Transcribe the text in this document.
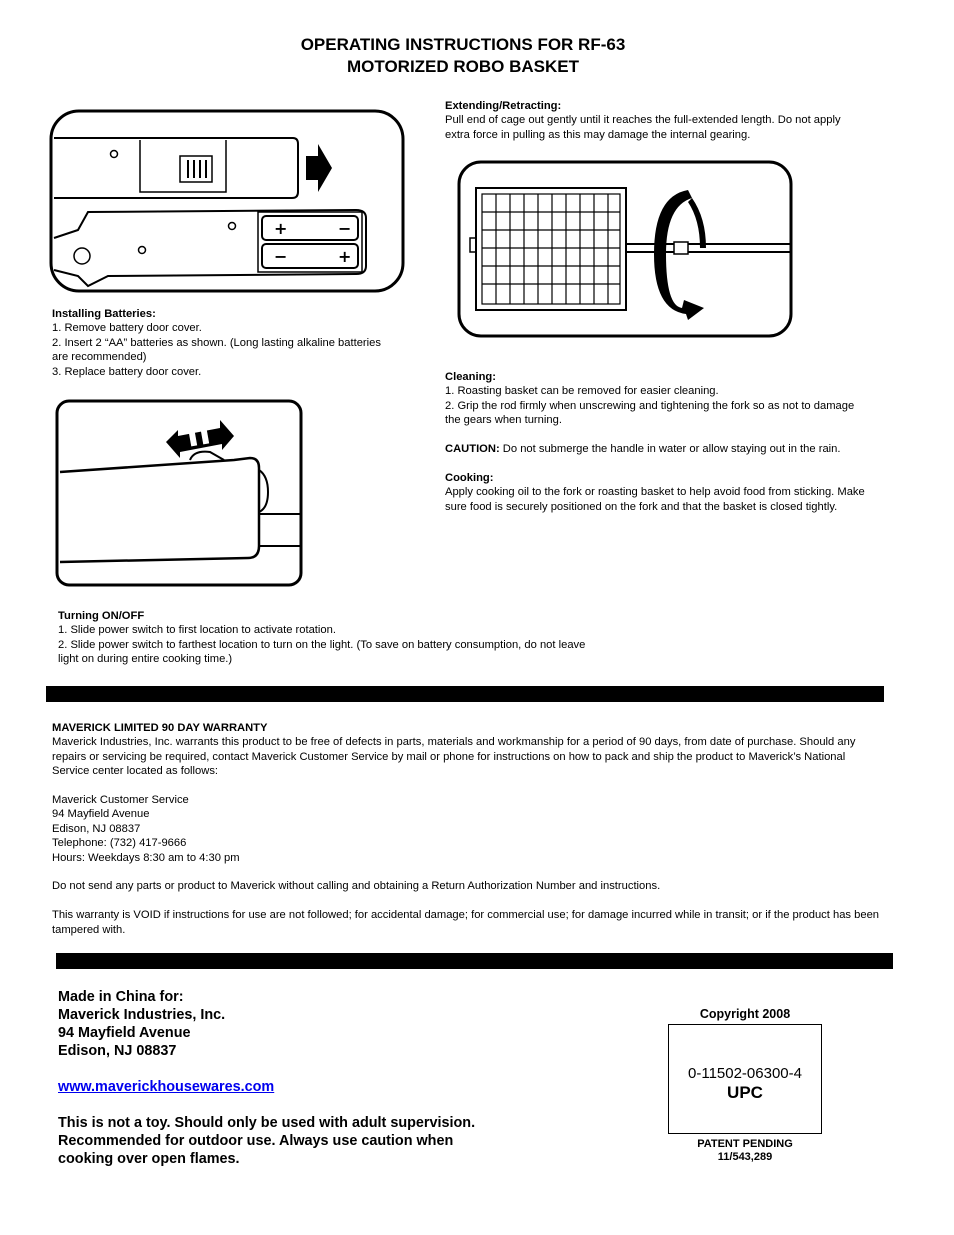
OPERATING INSTRUCTIONS FOR RF-63
MOTORIZED ROBO BASKET
+	−
−	+

Installing Batteries:

1. Remove battery door cover.

2. Insert 2 “AA” batteries as shown. (Long lasting alkaline batteries are recommended)

3. Replace battery door cover.

Turning ON/OFF

1. Slide power switch to first location to activate rotation.

2. Slide power switch to farthest location to turn on the light. (To save on battery consumption, do not leave light on during entire cooking time.)

Extending/Retracting:

Pull end of cage out gently until it reaches the full-extended length. Do not apply extra force in pulling as this may damage the internal gearing.

Cleaning:

1. Roasting basket can be removed for easier cleaning.

2. Grip the rod firmly when unscrewing and tightening the fork so as not to damage the gears when turning.

CAUTION: Do not submerge the handle in water or allow staying out in the rain.

Cooking:

Apply cooking oil to the fork or roasting basket to help avoid food from sticking. Make sure food is securely positioned on the fork and that the basket is closed tightly.

MAVERICK LIMITED 90 DAY WARRANTY

Maverick Industries, Inc. warrants this product to be free of defects in parts, materials and workmanship for a period of 90 days, from date of purchase. Should any repairs or servicing be required, contact Maverick Customer Service by mail or phone for instructions on how to pack and ship the product to Maverick’s National Service center located as follows:

Maverick Customer Service

94 Mayfield Avenue

Edison, NJ 08837

Telephone: (732) 417-9666

Hours: Weekdays 8:30 am to 4:30 pm

Do not send any parts or product to Maverick without calling and obtaining a Return Authorization Number and instructions.

This warranty is VOID if instructions for use are not followed; for accidental damage; for commercial use; for damage incurred while in transit; or if the product has been tampered with.

Made in China for:

Maverick Industries, Inc.

94 Mayfield Avenue

Edison, NJ 08837

www.maverickhousewares.com

This is not a toy. Should only be used with adult supervision. Recommended for outdoor use. Always use caution when cooking over open flames.

Copyright 2008
0-11502-06300-4
UPC
PATENT PENDING
11/543,289
